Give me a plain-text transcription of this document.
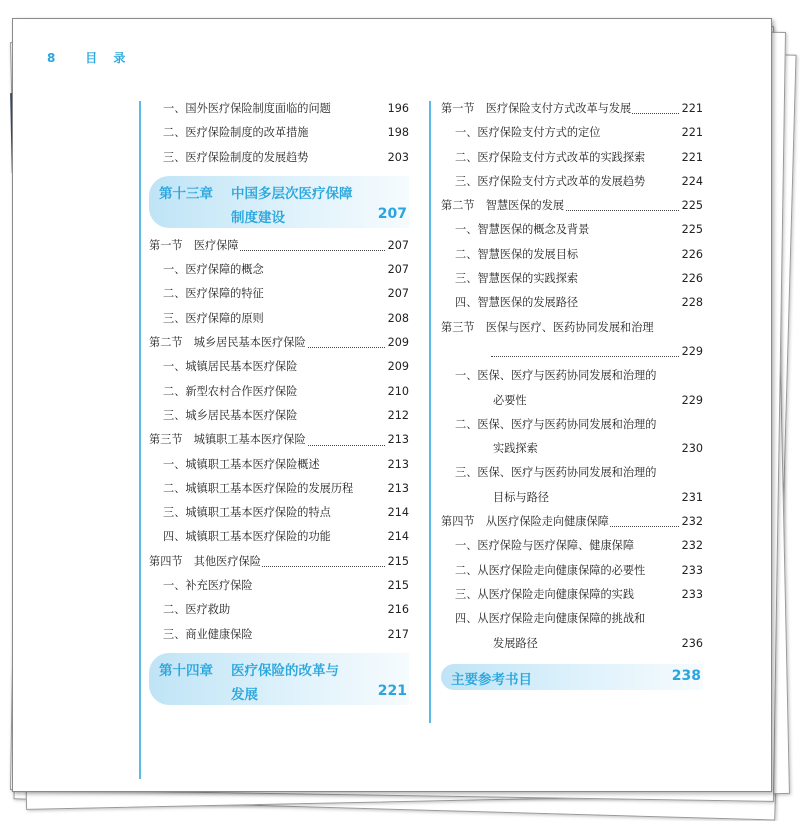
8 目 录
一、国外医疗保险制度面临的问题	196
二、医疗保险制度的改革措施	198
三、医疗保险制度的发展趋势	203
第十三章 中国多层次医疗保障
制度建设	207
第一节　医疗保障	207
一、医疗保障的概念	207
二、医疗保障的特征	207
三、医疗保障的原则	208
第二节　城乡居民基本医疗保险	209
一、城镇居民基本医疗保险	209
二、新型农村合作医疗保险	210
三、城乡居民基本医疗保险	212
第三节　城镇职工基本医疗保险	213
一、城镇职工基本医疗保险概述	213
二、城镇职工基本医疗保险的发展历程	213
三、城镇职工基本医疗保险的特点	214
四、城镇职工基本医疗保险的功能	214
第四节　其他医疗保险	215
一、补充医疗保险	215
二、医疗救助	216
三、商业健康保险	217
第十四章 医疗保险的改革与
发展	221
第一节　医疗保险支付方式改革与发展	221
一、医疗保险支付方式的定位	221
二、医疗保险支付方式改革的实践探索	221
三、医疗保险支付方式改革的发展趋势	224
第二节　智慧医保的发展	225
一、智慧医保的概念及背景	225
二、智慧医保的发展目标	226
三、智慧医保的实践探索	226
四、智慧医保的发展路径	228
第三节　医保与医疗、医药协同发展和治理
229
一、医保、医疗与医药协同发展和治理的
必要性	229
二、医保、医疗与医药协同发展和治理的
实践探索	230
三、医保、医疗与医药协同发展和治理的
目标与路径	231
第四节　从医疗保险走向健康保障	232
一、医疗保险与医疗保障、健康保障	232
二、从医疗保险走向健康保障的必要性	233
三、从医疗保险走向健康保障的实践	233
四、从医疗保险走向健康保障的挑战和
发展路径	236
主要参考书目	238
